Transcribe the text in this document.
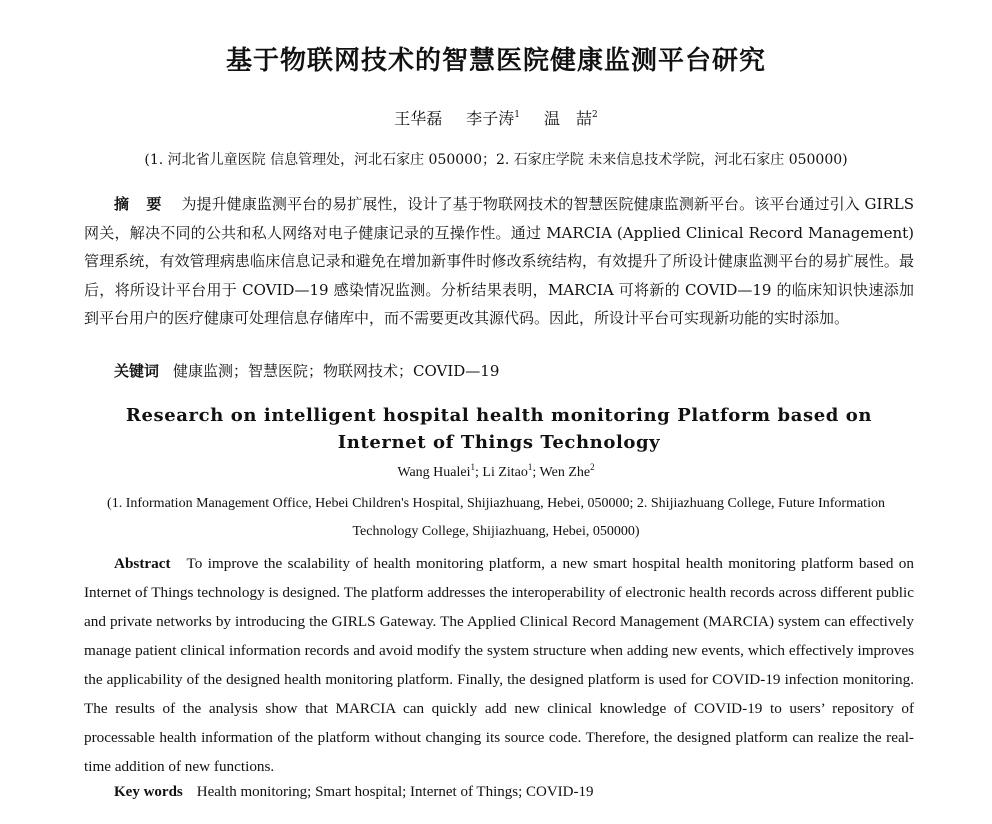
基于物联网技术的智慧医院健康监测平台研究
王华磊 李子涛$^1$ 温　喆$^2$
(1. 河北省儿童医院 信息管理处，河北石家庄 050000；2. 石家庄学院 未来信息技术学院，河北石家庄 050000)
摘 要 为提升健康监测平台的易扩展性，设计了基于物联网技术的智慧医院健康监测新平台。该平台通过引入 GIRLS 网关，解决不同的公共和私人网络对电子健康记录的互操作性。通过 MARCIA (Applied Clinical Record Management) 管理系统，有效管理病患临床信息记录和避免在增加新事件时修改系统结构，有效提升了所设计健康监测平台的易扩展性。最后，将所设计平台用于 COVID—19 感染情况监测。分析结果表明，MARCIA 可将新的 COVID—19 的临床知识快速添加到平台用户的医疗健康可处理信息存储库中，而不需要更改其源代码。因此，所设计平台可实现新功能的实时添加。
关键词 健康监测；智慧医院；物联网技术；COVID—19
Research on intelligent hospital health monitoring Platform based on Internet of Things Technology
Wang Hualei$^1$; Li Zitao$^1$; Wen Zhe$^2$
(1. Information Management Office, Hebei Children's Hospital, Shijiazhuang, Hebei, 050000; 2. Shijiazhuang College, Future Information Technology College, Shijiazhuang, Hebei, 050000)
Abstract To improve the scalability of health monitoring platform, a new smart hospital health monitoring platform based on Internet of Things technology is designed. The platform addresses the interoperability of electronic health records across different public and private networks by introducing the GIRLS Gateway. The Applied Clinical Record Management (MARCIA) system can effectively manage patient clinical information records and avoid modify the system structure when adding new events, which effectively improves the applicability of the designed health monitoring platform. Finally, the designed platform is used for COVID-19 infection monitoring. The results of the analysis show that MARCIA can quickly add new clinical knowledge of COVID-19 to users’ repository of processable health information of the platform without changing its source code. Therefore, the designed platform can realize the real-time addition of new functions.
Key words Health monitoring; Smart hospital; Internet of Things; COVID-19
